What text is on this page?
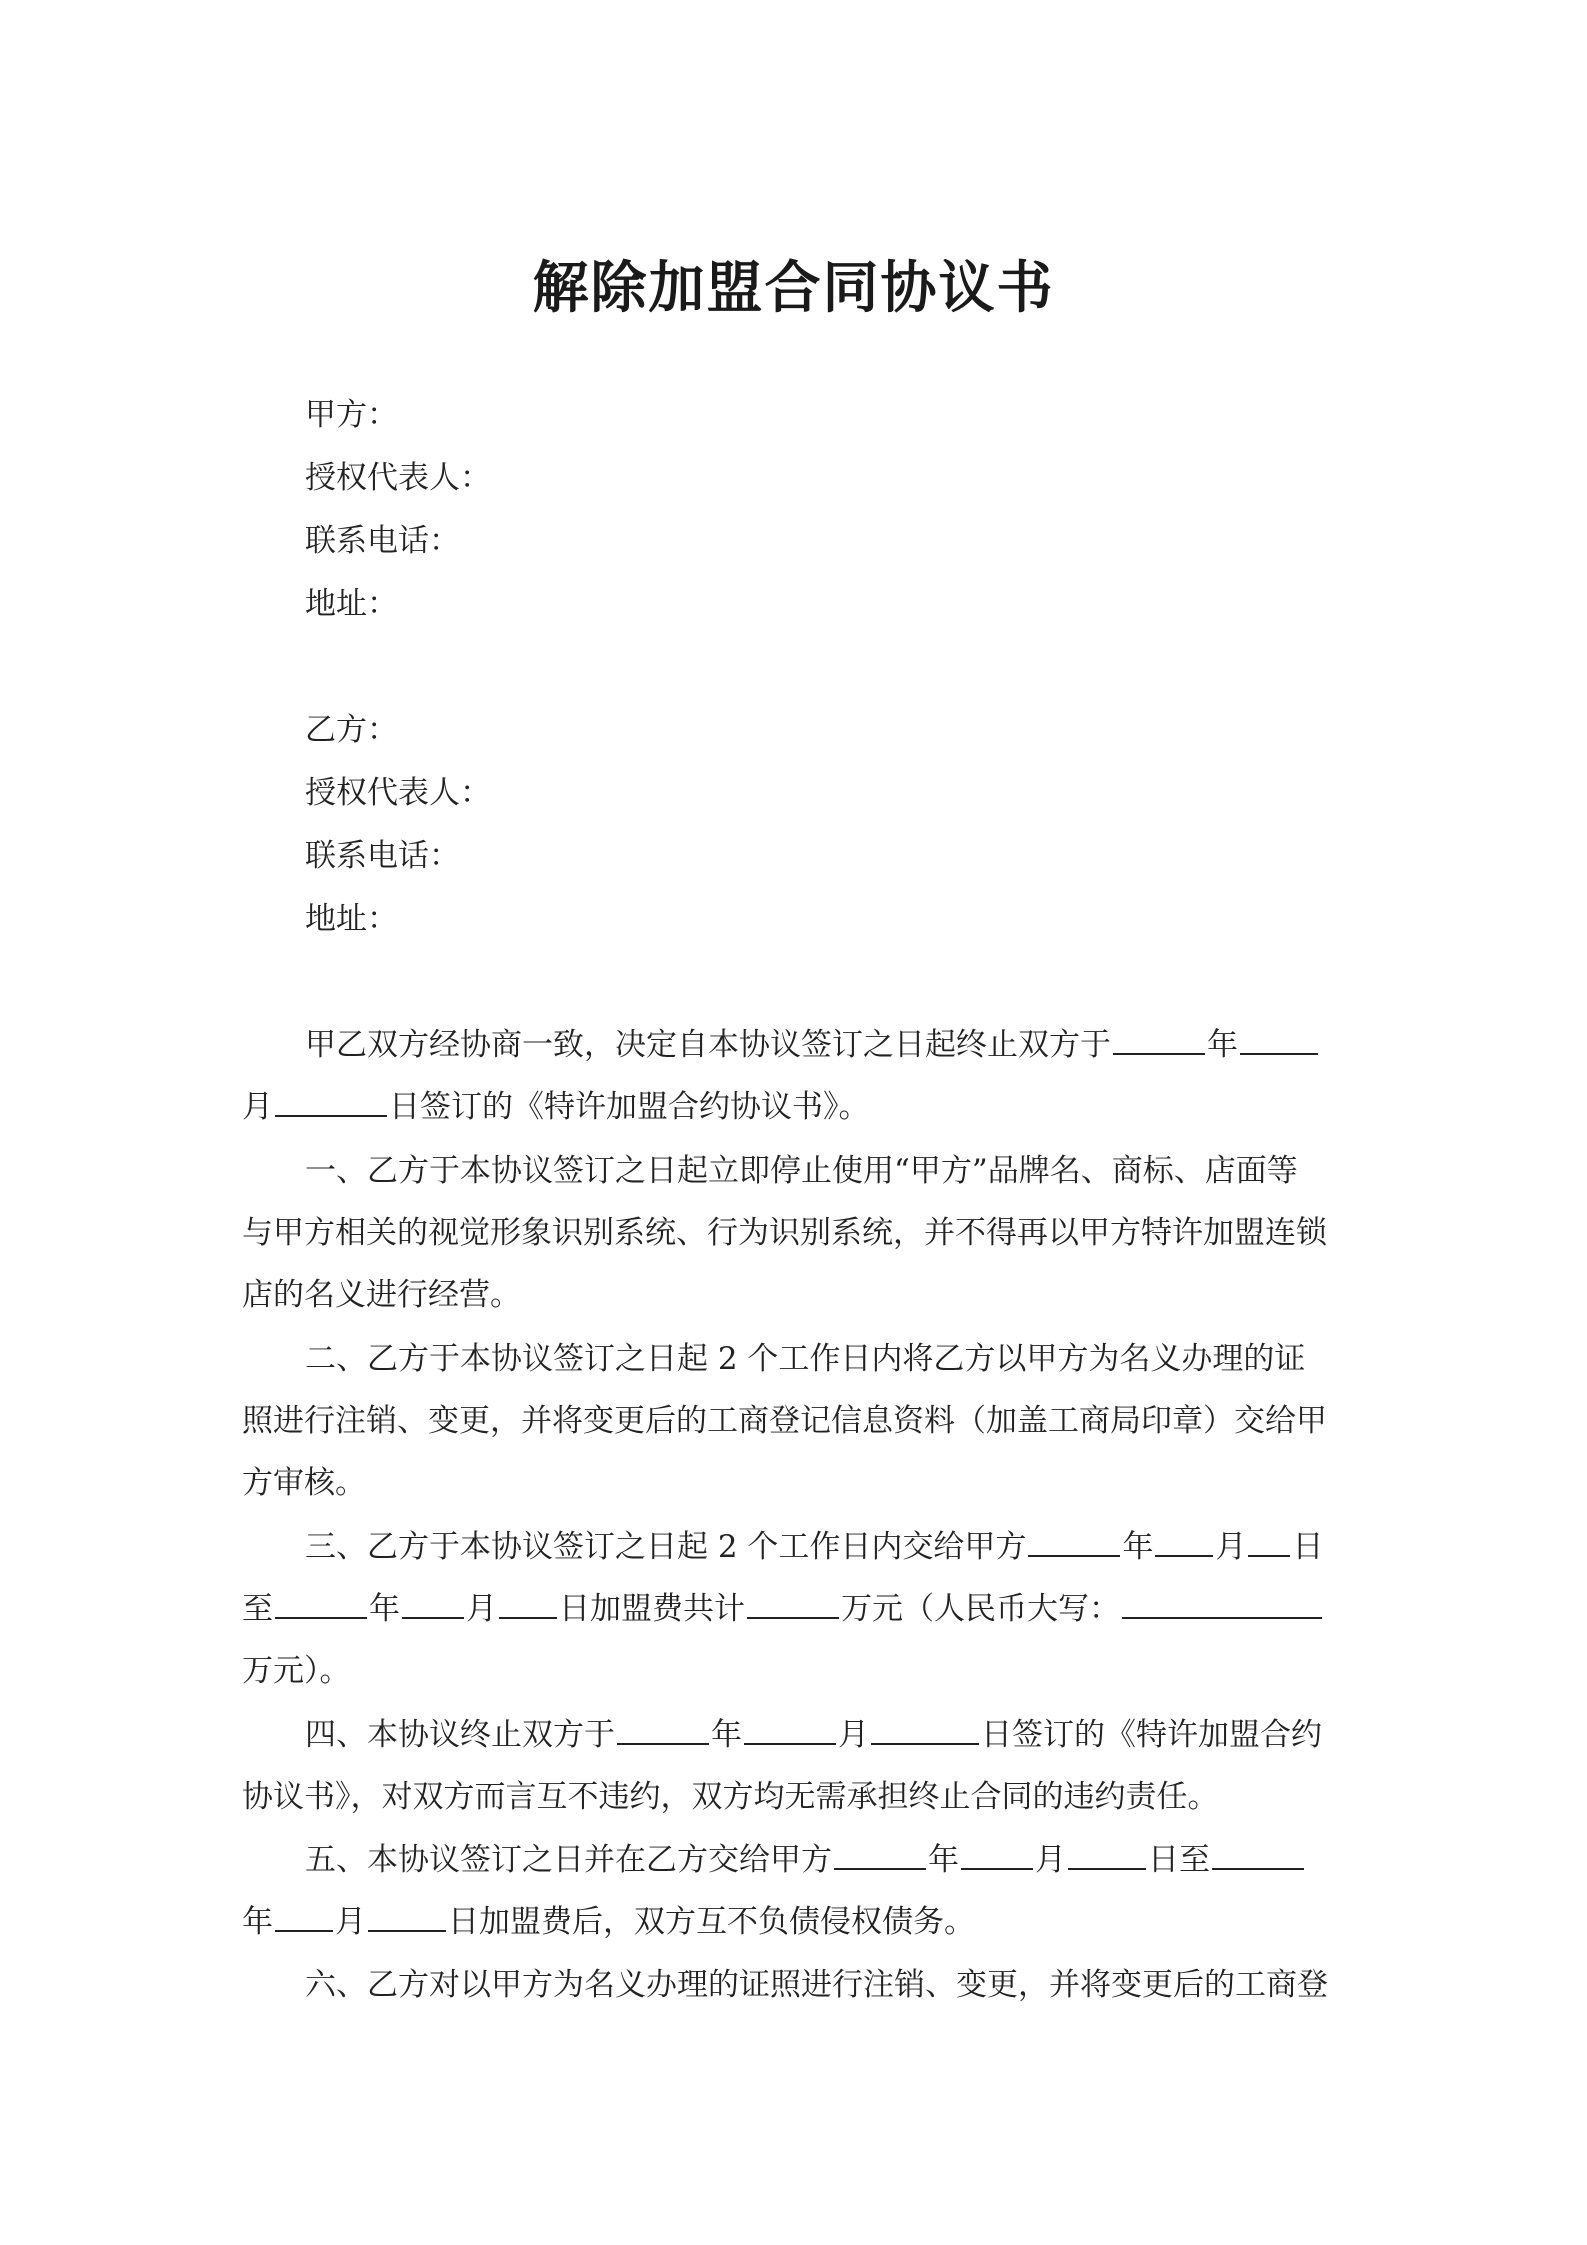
解除加盟合同协议书
甲方：
授权代表人：
联系电话：
地址：
乙方：
授权代表人：
联系电话：
地址：
甲乙双方经协商一致，决定自本协议签订之日起终止双方于	年
月	日签订的《特许加盟合约协议书》。
一、乙方于本协议签订之日起立即停止使用“甲方”品牌名、商标、店面等
与甲方相关的视觉形象识别系统、行为识别系统，并不得再以甲方特许加盟连锁
店的名义进行经营。
二、乙方于本协议签订之日起 2 个工作日内将乙方以甲方为名义办理的证
照进行注销、变更，并将变更后的工商登记信息资料（加盖工商局印章）交给甲
方审核。
三、乙方于本协议签订之日起 2 个工作日内交给甲方	年 月 日
至	年 月 日加盟费共计	万元（人民币大写：
万元）。
四、本协议终止双方于	年	月	日签订的《特许加盟合约
协议书》，对双方而言互不违约，双方均无需承担终止合同的违约责任。
五、本协议签订之日并在乙方交给甲方	年 月	日至
年 月	日加盟费后，双方互不负债侵权债务。
六、乙方对以甲方为名义办理的证照进行注销、变更，并将变更后的工商登
